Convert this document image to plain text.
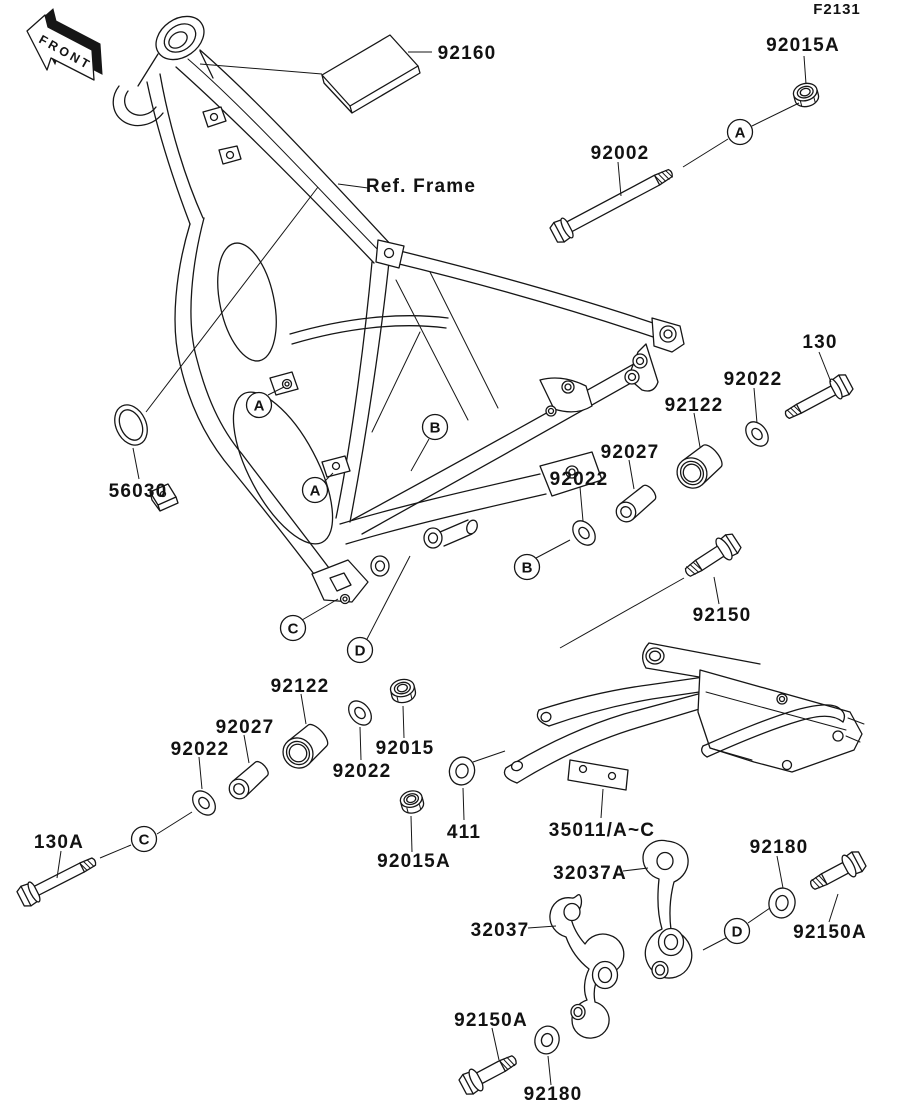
FRONT
F2131
A
A
A
B
B
C
C
D
D
92160	92015A
92002
130
92022
92122
92027
92022
56030
92150
92122
92027
92022	92015
92022
130A	411
92015A
35011/A~C
32037A
92180
32037	92150A
92150A
92180
Ref. Frame
